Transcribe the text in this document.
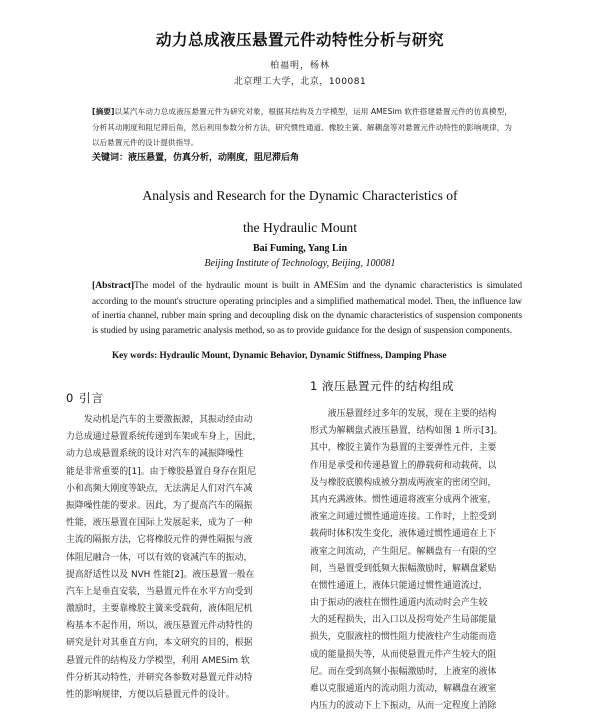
动力总成液压悬置元件动特性分析与研究
柏福明，杨林
北京理工大学，北京，100081
[摘要]以某汽车动力总成液压悬置元件为研究对象，根据其结构及力学模型，运用 AMESim 软件搭建悬置元件的仿真模型，分析其动刚度和阻尼滞后角，然后利用参数分析方法，研究惯性通道、橡胶主簧、解耦盘等对悬置元件动特性的影响规律，为以后悬置元件的设计提供指导。
关键词：液压悬置，仿真分析，动刚度，阻尼滞后角
Analysis and Research for the Dynamic Characteristics of
the Hydraulic Mount
Bai Fuming, Yang Lin
Beijing Institute of Technology, Beijing, 100081
[Abstract]The model of the hydraulic mount is built in AMESim and the dynamic characteristics is simulated according to the mount's structure operating principles and a simplified mathematical model. Then, the influence law of inertia channel, rubber main spring and decoupling disk on the dynamic characteristics of suspension components is studied by using parametric analysis method, so as to provide guidance for the design of suspension components.
Key words: Hydraulic Mount, Dynamic Behavior, Dynamic Stiffness, Damping Phase
0 引言
1 液压悬置元件的结构组成
　　发动机是汽车的主要激振源，其振动经由动
力总成通过悬置系统传递到车架或车身上，因此，
动力总成悬置系统的设计对汽车的减振降噪性
能是非常重要的[1]。由于橡胶悬置自身存在阻尼
小和高频大刚度等缺点，无法满足人们对汽车减
振降噪性能的要求。因此，为了提高汽车的隔振
性能，液压悬置在国际上发展起来，成为了一种
主流的隔振方法，它将橡胶元件的弹性隔振与液
体阻尼融合一体，可以有效的衰减汽车的振动，
提高舒适性以及 NVH 性能[2]。液压悬置一般在
汽车上是垂直安装，当悬置元件在水平方向受到
激励时，主要靠橡胶主簧来受载荷，液体阻尼机
构基本不起作用，所以，液压悬置元件动特性的
研究是针对其垂直方向，本文研究的目的，根据
悬置元件的结构及力学模型，利用 AMESim 软
件分析其动特性，并研究各参数对悬置元件动特
性的影响规律，方便以后悬置元件的设计。
　　液压悬置经过多年的发展，现在主要的结构
形式为解耦盘式液压悬置，结构如图 1 所示[3]。
其中，橡胶主簧作为悬置的主要弹性元件，主要
作用是承受和传递悬置上的静载荷和动载荷，以
及与橡胶底膜构成被分割成两液室的密闭空间，
其内充满液体。惯性通道将液室分成两个液室，
液室之间通过惯性通道连接。工作时，上腔受到
载荷时体积发生变化，液体通过惯性通道在上下
液室之间流动，产生阻尼。解耦盘有一有限的空
间，当悬置受到低频大振幅激励时，解耦盘紧贴
在惯性通道上，液体只能通过惯性通道流过，
由于振动的液柱在惯性通道内流动时会产生较
大的延程损失，出入口以及拐弯处产生局部能量
损失，克服液柱的惯性阻力使液柱产生动能而造
成的能量损失等，从而使悬置元件产生较大的阻
尼。而在受到高频小振幅激励时，上液室的液体
难以克服通道内的流动阻力流动，解耦盘在液室
内压力的波动下上下振动，从而一定程度上消除
